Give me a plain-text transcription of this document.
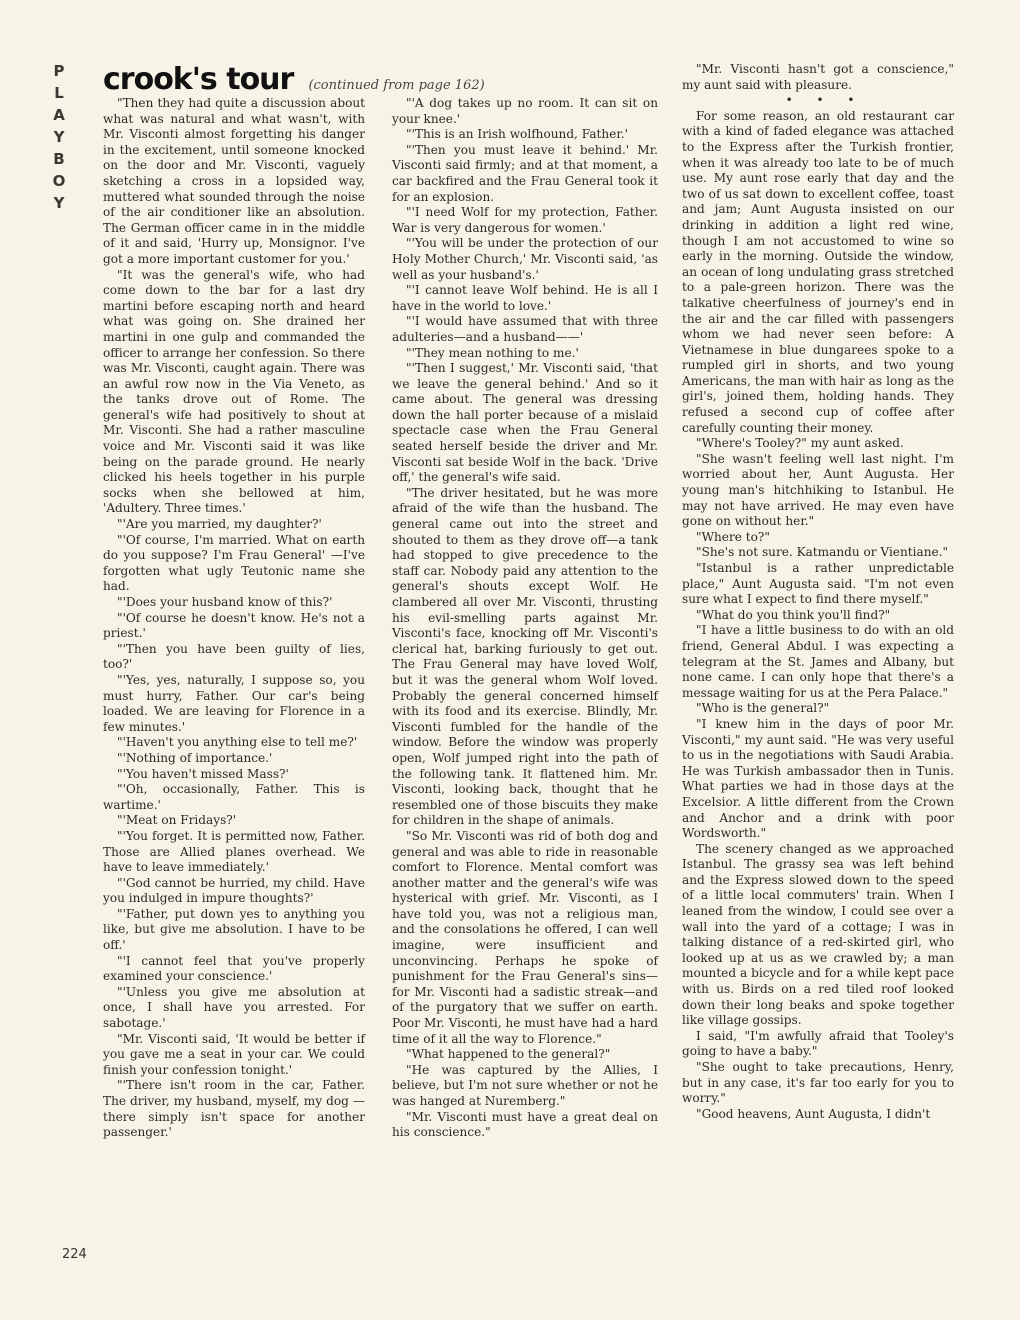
P
L
A
Y
B
O
Y
crook's tour (continued from page 162)

"Then they had quite a discussion about what was natural and what wasn't, with Mr. Visconti almost forgetting his danger in the excitement, until someone knocked on the door and Mr. Visconti, vaguely sketching a cross in a lopsided way, muttered what sounded through the noise of the air conditioner like an absolution. The German officer came in in the middle of it and said, 'Hurry up, Monsignor. I've got a more important customer for you.'

"It was the general's wife, who had come down to the bar for a last dry martini before escaping north and heard what was going on. She drained her martini in one gulp and commanded the officer to arrange her confession. So there was Mr. Visconti, caught again. There was an awful row now in the Via Veneto, as the tanks drove out of Rome. The general's wife had positively to shout at Mr. Visconti. She had a rather masculine voice and Mr. Visconti said it was like being on the parade ground. He nearly clicked his heels together in his purple socks when she bellowed at him, 'Adultery. Three times.'

"'Are you married, my daughter?'

"'Of course, I'm married. What on earth do you suppose? I'm Frau General' —I've forgotten what ugly Teutonic name she had.

"'Does your husband know of this?'

"'Of course he doesn't know. He's not a priest.'

"'Then you have been guilty of lies, too?'

"'Yes, yes, naturally, I suppose so, you must hurry, Father. Our car's being loaded. We are leaving for Florence in a few minutes.'

"'Haven't you anything else to tell me?'

"'Nothing of importance.'

"'You haven't missed Mass?'

"'Oh, occasionally, Father. This is wartime.'

"'Meat on Fridays?'

"'You forget. It is permitted now, Father. Those are Allied planes overhead. We have to leave immediately.'

"'God cannot be hurried, my child. Have you indulged in impure thoughts?'

"'Father, put down yes to anything you like, but give me absolution. I have to be off.'

"'I cannot feel that you've properly examined your conscience.'

"'Unless you give me absolution at once, I shall have you arrested. For sabotage.'

"Mr. Visconti said, 'It would be better if you gave me a seat in your car. We could finish your confession tonight.'

"'There isn't room in the car, Father. The driver, my husband, myself, my dog —there simply isn't space for another passenger.'

"'A dog takes up no room. It can sit on your knee.'

"'This is an Irish wolfhound, Father.'

"'Then you must leave it behind.' Mr. Visconti said firmly; and at that moment, a car backfired and the Frau General took it for an explosion.

"'I need Wolf for my protection, Father. War is very dangerous for women.'

"'You will be under the protection of our Holy Mother Church,' Mr. Visconti said, 'as well as your husband's.'

"'I cannot leave Wolf behind. He is all I have in the world to love.'

"'I would have assumed that with three adulteries—and a husband——'

"'They mean nothing to me.'

"'Then I suggest,' Mr. Visconti said, 'that we leave the general behind.' And so it came about. The general was dressing down the hall porter because of a mislaid spectacle case when the Frau General seated herself beside the driver and Mr. Visconti sat beside Wolf in the back. 'Drive off,' the general's wife said.

"The driver hesitated, but he was more afraid of the wife than the husband. The general came out into the street and shouted to them as they drove off—a tank had stopped to give precedence to the staff car. Nobody paid any attention to the general's shouts except Wolf. He clambered all over Mr. Visconti, thrusting his evil-smelling parts against Mr. Visconti's face, knocking off Mr. Visconti's clerical hat, barking furiously to get out. The Frau General may have loved Wolf, but it was the general whom Wolf loved. Probably the general concerned himself with its food and its exercise. Blindly, Mr. Visconti fumbled for the handle of the window. Before the window was properly open, Wolf jumped right into the path of the following tank. It flattened him. Mr. Visconti, looking back, thought that he resembled one of those biscuits they make for children in the shape of animals.

"So Mr. Visconti was rid of both dog and general and was able to ride in reasonable comfort to Florence. Mental comfort was another matter and the general's wife was hysterical with grief. Mr. Visconti, as I have told you, was not a religious man, and the consolations he offered, I can well imagine, were insufficient and unconvincing. Perhaps he spoke of punishment for the Frau General's sins—for Mr. Visconti had a sadistic streak—and of the purgatory that we suffer on earth. Poor Mr. Visconti, he must have had a hard time of it all the way to Florence."

"What happened to the general?"

"He was captured by the Allies, I believe, but I'm not sure whether or not he was hanged at Nuremberg."

"Mr. Visconti must have a great deal on his conscience."

"Mr. Visconti hasn't got a conscience," my aunt said with pleasure.

• • •

For some reason, an old restaurant car with a kind of faded elegance was attached to the Express after the Turkish frontier, when it was already too late to be of much use. My aunt rose early that day and the two of us sat down to excellent coffee, toast and jam; Aunt Augusta insisted on our drinking in addition a light red wine, though I am not accustomed to wine so early in the morning. Outside the window, an ocean of long undulating grass stretched to a pale-green horizon. There was the talkative cheerfulness of journey's end in the air and the car filled with passengers whom we had never seen before: A Vietnamese in blue dungarees spoke to a rumpled girl in shorts, and two young Americans, the man with hair as long as the girl's, joined them, holding hands. They refused a second cup of coffee after carefully counting their money.

"Where's Tooley?" my aunt asked.

"She wasn't feeling well last night. I'm worried about her, Aunt Augusta. Her young man's hitchhiking to Istanbul. He may not have arrived. He may even have gone on without her."

"Where to?"

"She's not sure. Katmandu or Vientiane."

"Istanbul is a rather unpredictable place," Aunt Augusta said. "I'm not even sure what I expect to find there myself."

"What do you think you'll find?"

"I have a little business to do with an old friend, General Abdul. I was expecting a telegram at the St. James and Albany, but none came. I can only hope that there's a message waiting for us at the Pera Palace."

"Who is the general?"

"I knew him in the days of poor Mr. Visconti," my aunt said. "He was very useful to us in the negotiations with Saudi Arabia. He was Turkish ambassador then in Tunis. What parties we had in those days at the Excelsior. A little different from the Crown and Anchor and a drink with poor Wordsworth."

The scenery changed as we approached Istanbul. The grassy sea was left behind and the Express slowed down to the speed of a little local commuters' train. When I leaned from the window, I could see over a wall into the yard of a cottage; I was in talking distance of a red-skirted girl, who looked up at us as we crawled by; a man mounted a bicycle and for a while kept pace with us. Birds on a red tiled roof looked down their long beaks and spoke together like village gossips.

I said, "I'm awfully afraid that Tooley's going to have a baby."

"She ought to take precautions, Henry, but in any case, it's far too early for you to worry."

"Good heavens, Aunt Augusta, I didn't

224
